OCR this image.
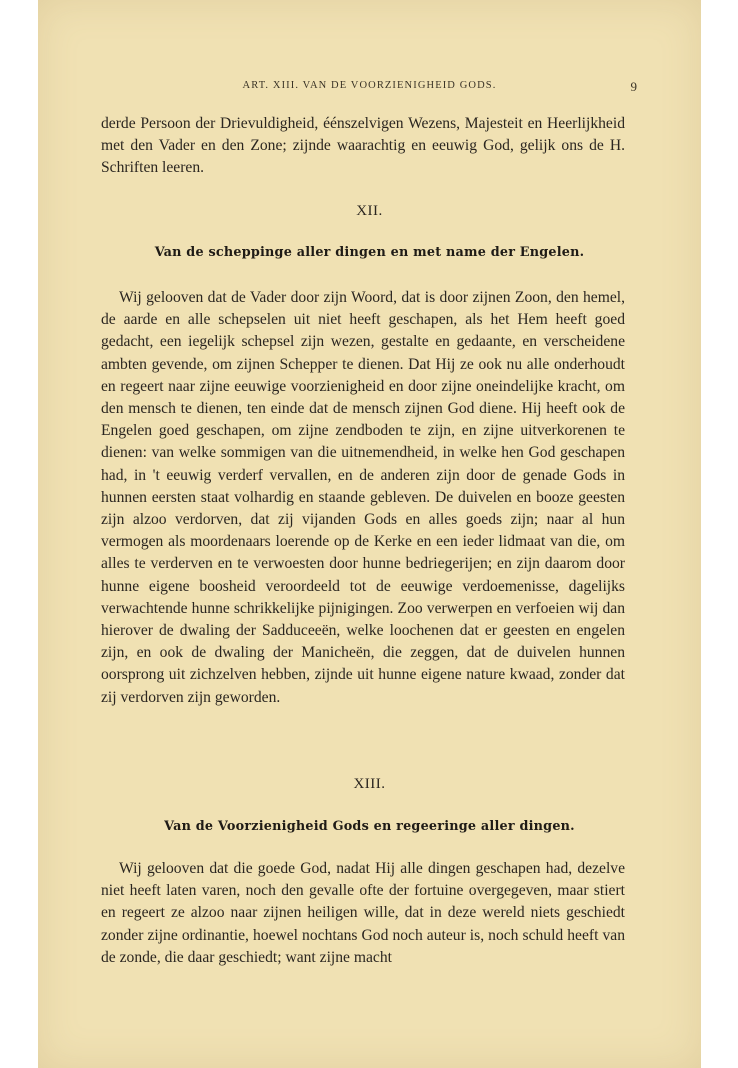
ART. XIII. VAN DE VOORZIENIGHEID GODS.	9

derde Persoon der Drievuldigheid, éénszelvigen Wezens, Majesteit en Heerlijkheid met den Vader en den Zone; zijnde waarachtig en eeuwig God, gelijk ons de H. Schriften leeren.

XII.
Van de scheppinge aller dingen en met name der Engelen.

Wij gelooven dat de Vader door zijn Woord, dat is door zijnen Zoon, den hemel, de aarde en alle schepselen uit niet heeft geschapen, als het Hem heeft goed gedacht, een iegelijk schepsel zijn wezen, gestalte en gedaante, en verscheidene ambten gevende, om zijnen Schepper te dienen. Dat Hij ze ook nu alle onderhoudt en regeert naar zijne eeuwige voorzienigheid en door zijne oneindelijke kracht, om den mensch te dienen, ten einde dat de mensch zijnen God diene. Hij heeft ook de Engelen goed geschapen, om zijne zendboden te zijn, en zijne uitverkorenen te dienen: van welke sommigen van die uitnemendheid, in welke hen God geschapen had, in 't eeuwig verderf vervallen, en de anderen zijn door de genade Gods in hunnen eersten staat volhardig en staande gebleven. De duivelen en booze geesten zijn alzoo verdorven, dat zij vijanden Gods en alles goeds zijn; naar al hun vermogen als moordenaars loerende op de Kerke en een ieder lidmaat van die, om alles te verderven en te verwoesten door hunne bedriegerijen; en zijn daarom door hunne eigene boosheid veroordeeld tot de eeuwige verdoemenisse, dagelijks verwachtende hunne schrikkelijke pijnigingen. Zoo verwerpen en verfoeien wij dan hierover de dwaling der Sadduceeën, welke loochenen dat er geesten en engelen zijn, en ook de dwaling der Manicheën, die zeggen, dat de duivelen hunnen oorsprong uit zichzelven hebben, zijnde uit hunne eigene nature kwaad, zonder dat zij verdorven zijn geworden.

XIII.
Van de Voorzienigheid Gods en regeeringe aller dingen.

Wij gelooven dat die goede God, nadat Hij alle dingen geschapen had, dezelve niet heeft laten varen, noch den gevalle ofte der fortuine overgegeven, maar stiert en regeert ze alzoo naar zijnen heiligen wille, dat in deze wereld niets geschiedt zonder zijne ordinantie, hoewel nochtans God noch auteur is, noch schuld heeft van de zonde, die daar geschiedt; want zijne macht
